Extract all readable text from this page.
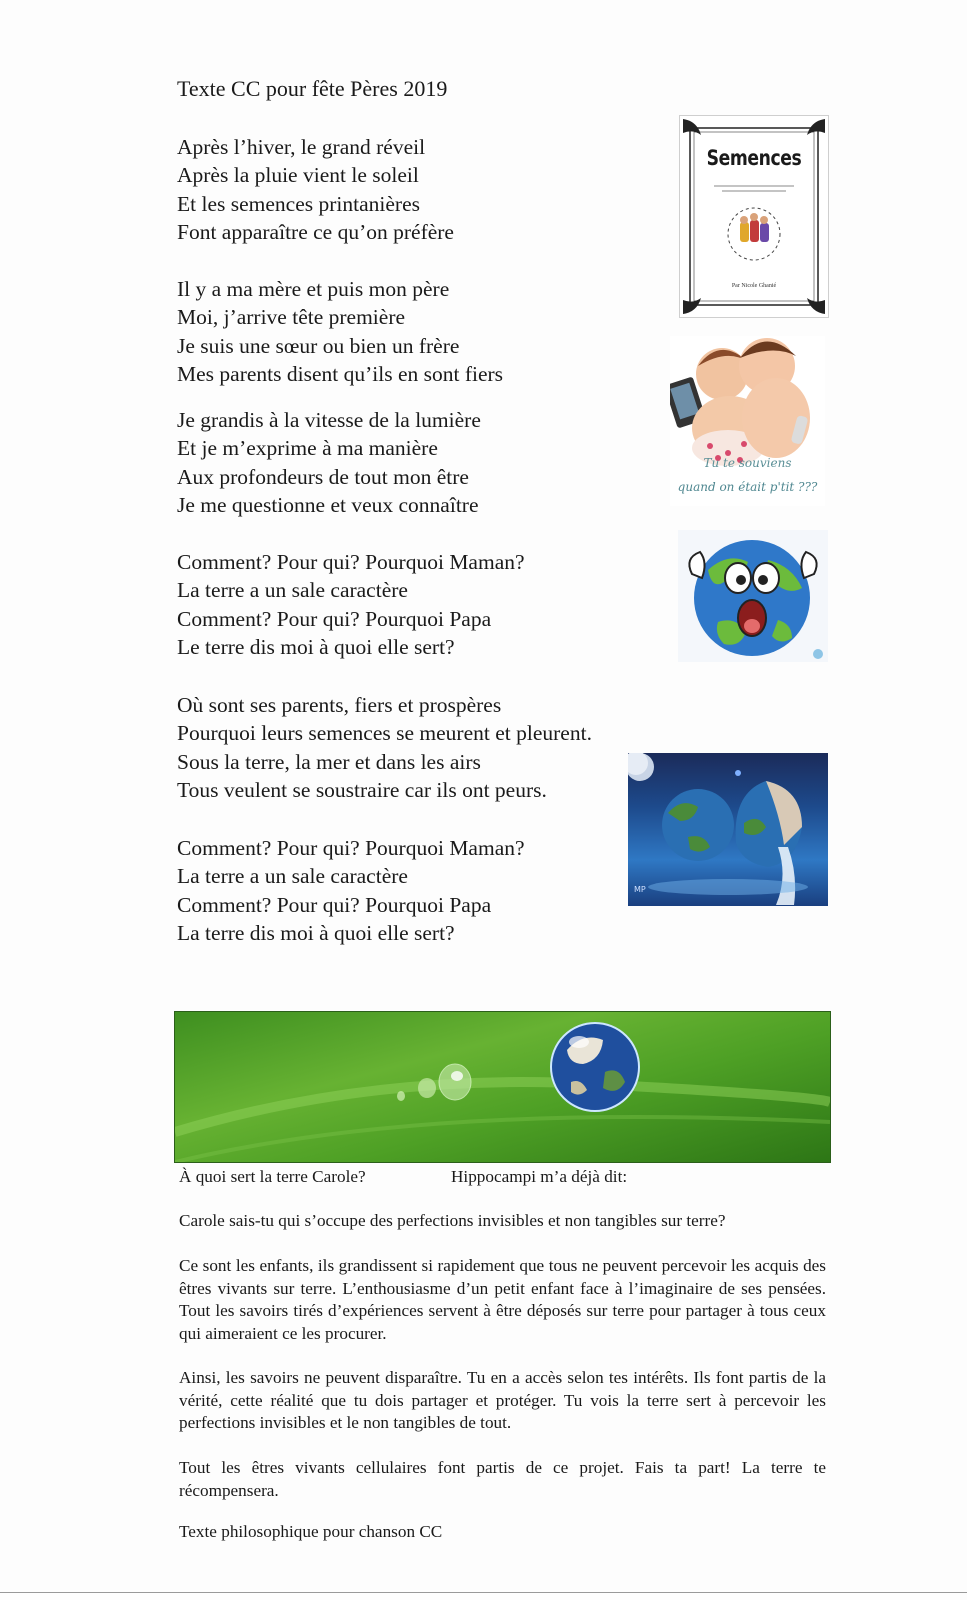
Texte CC pour fête Pères 2019
Après l’hiver, le grand réveil
Après la pluie vient le soleil
Et les semences printanières
Font apparaître ce qu’on préfère
Il y a ma mère et puis mon père
Moi, j’arrive tête première
Je suis une sœur ou bien un frère
Mes parents disent qu’ils en sont fiers
Je grandis à la vitesse de la lumière
Et je m’exprime à ma manière
Aux profondeurs de tout mon être
Je me questionne et veux connaître
Comment? Pour qui? Pourquoi Maman?
La terre a un sale caractère
Comment? Pour qui? Pourquoi Papa
Le terre dis moi à quoi elle sert?
Où sont ses parents, fiers et prospères
Pourquoi leurs semences se meurent et pleurent.
Sous la terre, la mer et dans les airs
Tous veulent se soustraire car ils ont peurs.
Comment? Pour qui? Pourquoi Maman?
La terre a un sale caractère
Comment? Pour qui? Pourquoi Papa
La terre dis moi à quoi elle sert?
Semences
Par Nicole Ghanié
Tu te souviens
quand on était p'tit ???
MP
À quoi sert la terre Carole?	Hippocampi m’a déjà dit:
Carole sais-tu qui s’occupe des perfections invisibles et non tangibles sur terre?
Ce sont les enfants, ils grandissent si rapidement que tous ne peuvent percevoir les acquis des êtres vivants sur terre. L’enthousiasme d’un petit enfant face à l’imaginaire de ses pensées. Tout les savoirs tirés d’expériences servent à être déposés sur terre pour partager à tous ceux qui aimeraient ce les procurer.
Ainsi, les savoirs ne peuvent disparaître. Tu en a accès selon tes intérêts. Ils font partis de la vérité, cette réalité que tu dois partager et protéger. Tu vois la terre sert à percevoir les perfections invisibles et le non tangibles de tout.
Tout les êtres vivants cellulaires font partis de ce projet. Fais ta part! La terre te récompensera.
Texte philosophique pour chanson CC
